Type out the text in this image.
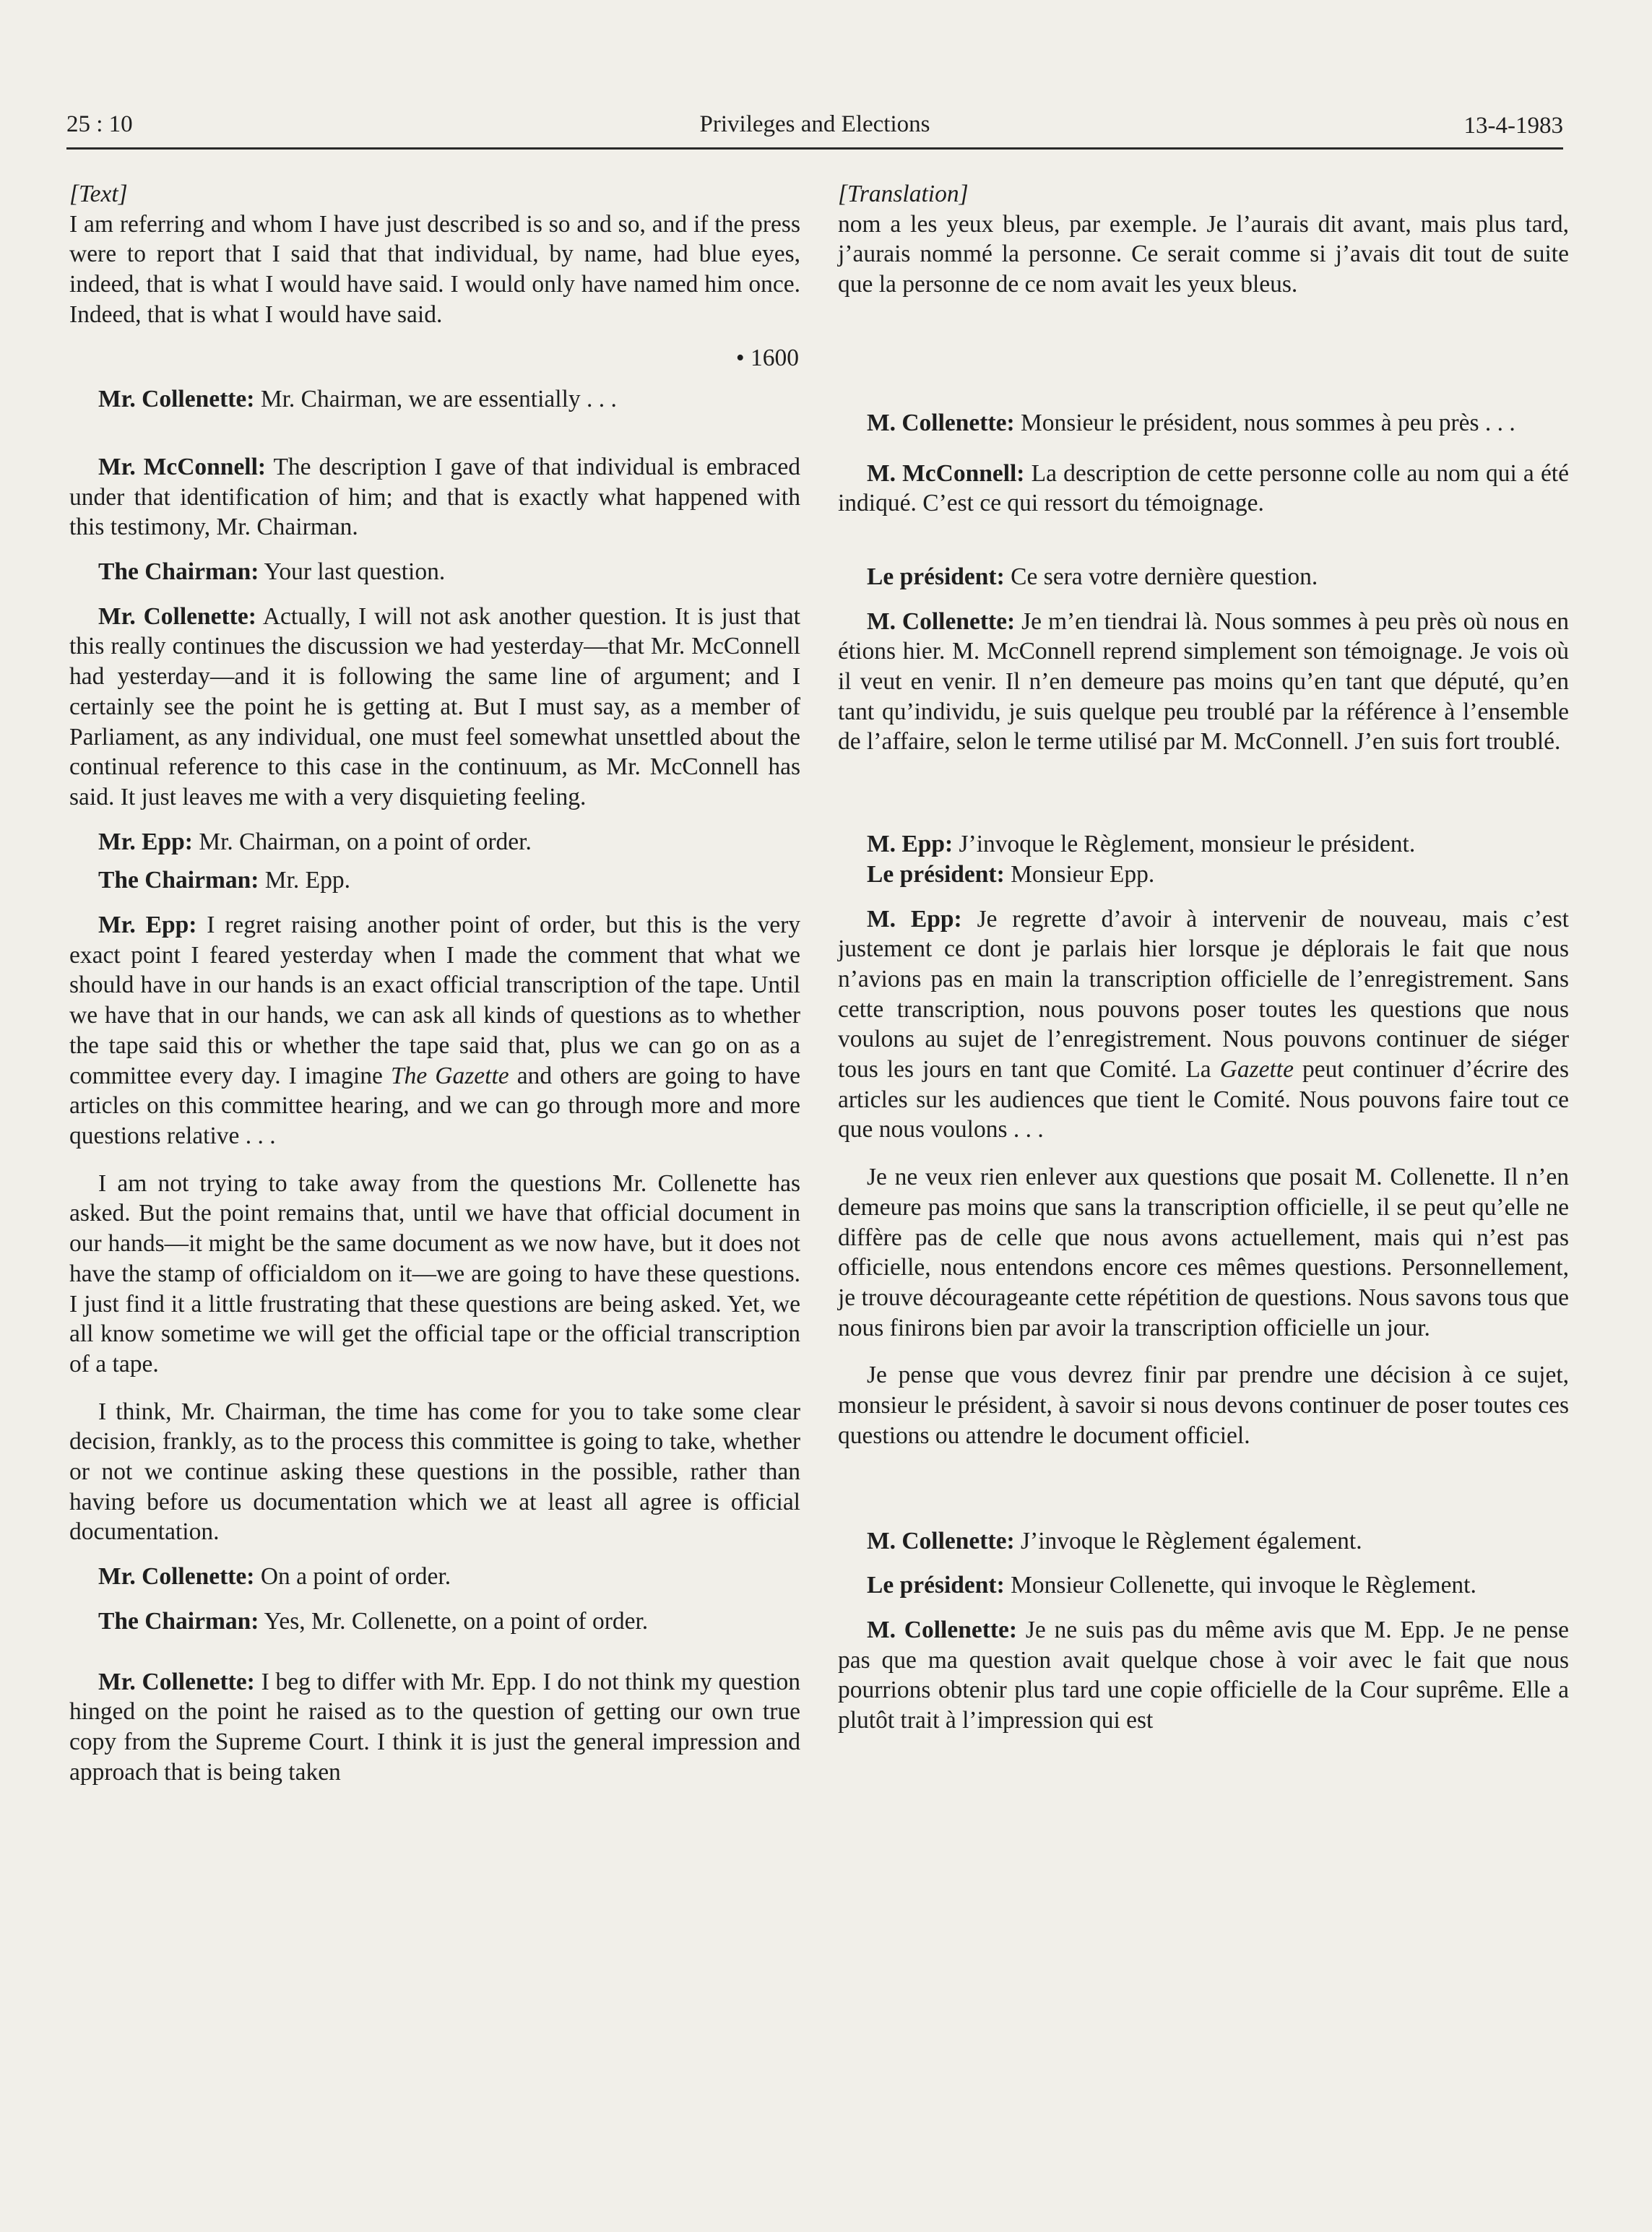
25 : 10	Privileges and Elections	13-4-1983

[Text]

I am referring and whom I have just described is so and so, and if the press were to report that I said that that individual, by name, had blue eyes, indeed, that is what I would have said. I would only have named him once. Indeed, that is what I would have said.

• 1600

Mr. Collenette: Mr. Chairman, we are essentially . . .

Mr. McConnell: The description I gave of that individual is embraced under that identification of him; and that is exactly what happened with this testimony, Mr. Chairman.

The Chairman: Your last question.

Mr. Collenette: Actually, I will not ask another question. It is just that this really continues the discussion we had yesterday—that Mr. McConnell had yesterday—and it is following the same line of argument; and I certainly see the point he is getting at. But I must say, as a member of Parliament, as any individual, one must feel somewhat unsettled about the continual reference to this case in the continuum, as Mr. McConnell has said. It just leaves me with a very disquieting feeling.

Mr. Epp: Mr. Chairman, on a point of order.

The Chairman: Mr. Epp.

Mr. Epp: I regret raising another point of order, but this is the very exact point I feared yesterday when I made the comment that what we should have in our hands is an exact official transcription of the tape. Until we have that in our hands, we can ask all kinds of questions as to whether the tape said this or whether the tape said that, plus we can go on as a committee every day. I imagine The Gazette and others are going to have articles on this committee hearing, and we can go through more and more questions relative . . .

I am not trying to take away from the questions Mr. Collenette has asked. But the point remains that, until we have that official document in our hands—it might be the same document as we now have, but it does not have the stamp of officialdom on it—we are going to have these questions. I just find it a little frustrating that these questions are being asked. Yet, we all know sometime we will get the official tape or the official transcription of a tape.

I think, Mr. Chairman, the time has come for you to take some clear decision, frankly, as to the process this committee is going to take, whether or not we continue asking these questions in the possible, rather than having before us documentation which we at least all agree is official documentation.

Mr. Collenette: On a point of order.

The Chairman: Yes, Mr. Collenette, on a point of order.

Mr. Collenette: I beg to differ with Mr. Epp. I do not think my question hinged on the point he raised as to the question of getting our own true copy from the Supreme Court. I think it is just the general impression and approach that is being taken

[Translation]

nom a les yeux bleus, par exemple. Je l’aurais dit avant, mais plus tard, j’aurais nommé la personne. Ce serait comme si j’avais dit tout de suite que la personne de ce nom avait les yeux bleus.

M. Collenette: Monsieur le président, nous sommes à peu près . . .

M. McConnell: La description de cette personne colle au nom qui a été indiqué. C’est ce qui ressort du témoignage.

Le président: Ce sera votre dernière question.

M. Collenette: Je m’en tiendrai là. Nous sommes à peu près où nous en étions hier. M. McConnell reprend simplement son témoignage. Je vois où il veut en venir. Il n’en demeure pas moins qu’en tant que député, qu’en tant qu’individu, je suis quelque peu troublé par la référence à l’ensemble de l’affaire, selon le terme utilisé par M. McConnell. J’en suis fort troublé.

M. Epp: J’invoque le Règlement, monsieur le président.

Le président: Monsieur Epp.

M. Epp: Je regrette d’avoir à intervenir de nouveau, mais c’est justement ce dont je parlais hier lorsque je déplorais le fait que nous n’avions pas en main la transcription officielle de l’enregistrement. Sans cette transcription, nous pouvons poser toutes les questions que nous voulons au sujet de l’enregistrement. Nous pouvons continuer de siéger tous les jours en tant que Comité. La Gazette peut continuer d’écrire des articles sur les audiences que tient le Comité. Nous pouvons faire tout ce que nous voulons . . .

Je ne veux rien enlever aux questions que posait M. Collenette. Il n’en demeure pas moins que sans la transcription officielle, il se peut qu’elle ne diffère pas de celle que nous avons actuellement, mais qui n’est pas officielle, nous entendons encore ces mêmes questions. Personnellement, je trouve décourageante cette répétition de questions. Nous savons tous que nous finirons bien par avoir la transcription officielle un jour.

Je pense que vous devrez finir par prendre une décision à ce sujet, monsieur le président, à savoir si nous devons continuer de poser toutes ces questions ou attendre le document officiel.

M. Collenette: J’invoque le Règlement également.

Le président: Monsieur Collenette, qui invoque le Règlement.

M. Collenette: Je ne suis pas du même avis que M. Epp. Je ne pense pas que ma question avait quelque chose à voir avec le fait que nous pourrions obtenir plus tard une copie officielle de la Cour suprême. Elle a plutôt trait à l’impression qui est
